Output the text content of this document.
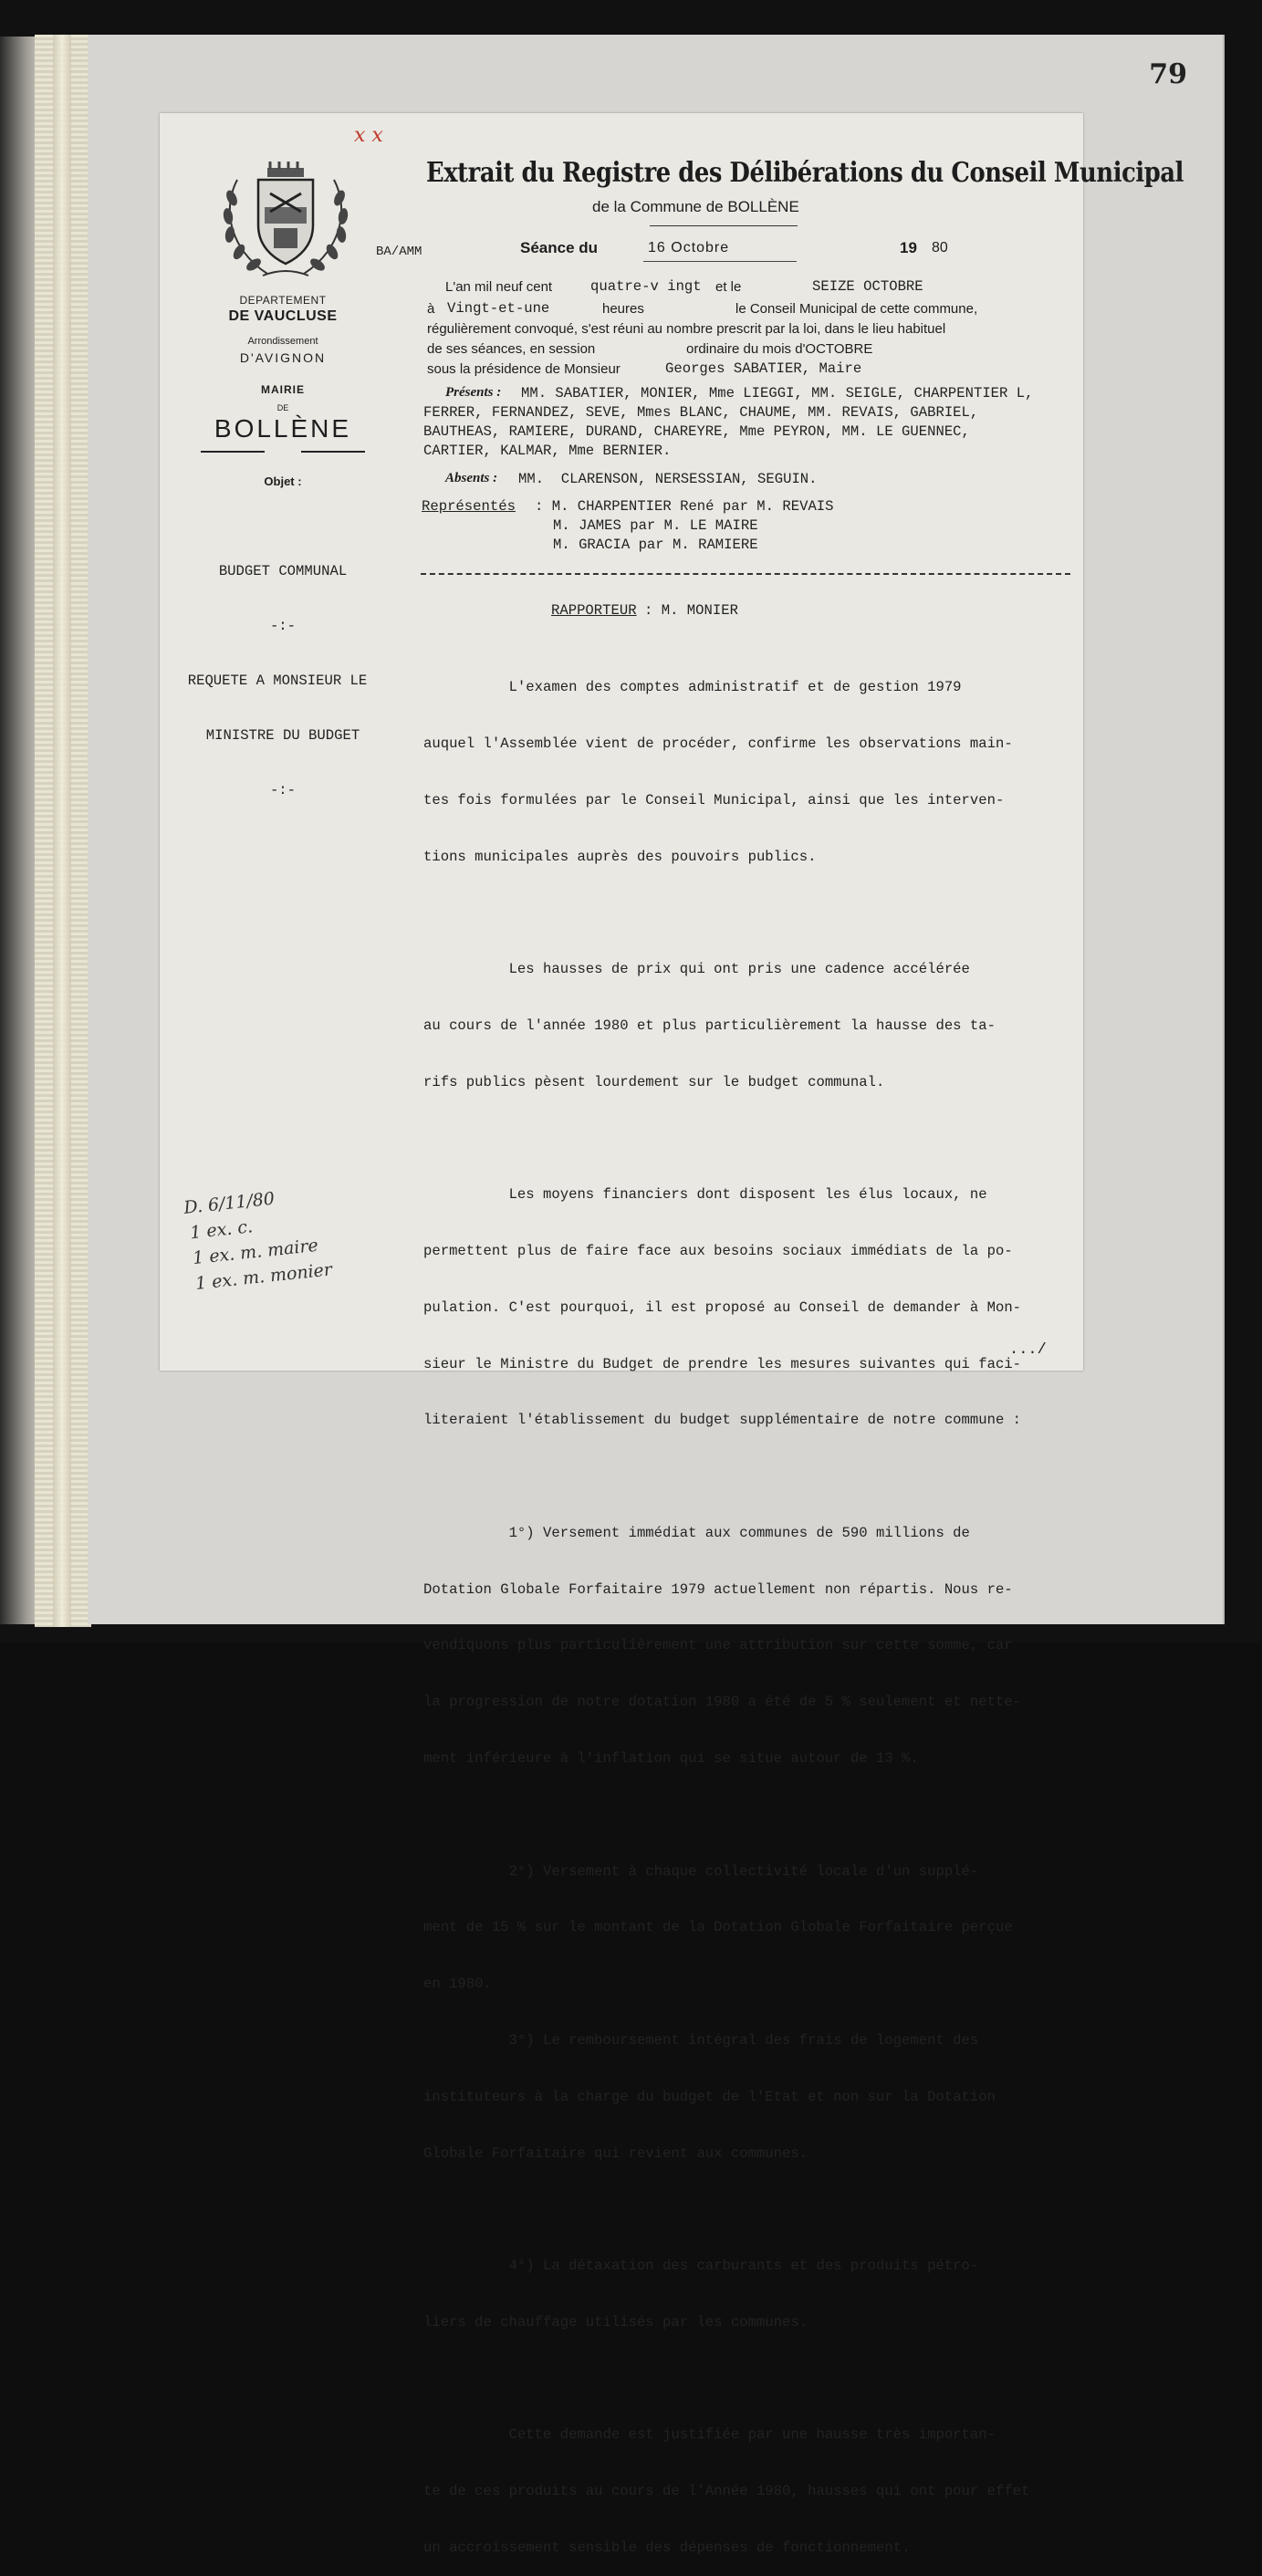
79
x x
DEPARTEMENT
DE VAUCLUSE
Arrondissement
D'AVIGNON
MAIRIE
DE
BOLLÈNE
Objet :

BUDGET COMMUNAL

-:-

REQUETE A MONSIEUR LE

MINISTRE DU BUDGET

-:-

Extrait du Registre des Délibérations du Conseil Municipal
de la Commune de BOLLÈNE
BA/AMM	Séance du	16 Octobre	19 80
L'an mil neuf cent	quatre-v ingt et le	SEIZE OCTOBRE
à Vingt-et-une	heures	le Conseil Municipal de cette commune,
régulièrement convoqué, s'est réuni au nombre prescrit par la loi, dans le lieu habituel
de ses séances, en session	ordinaire du mois d'OCTOBRE
sous la présidence de Monsieur	Georges SABATIER, Maire
Présents : MM. SABATIER, MONIER, Mme LIEGGI, MM. SEIGLE, CHARPENTIER L,
FERRER, FERNANDEZ, SEVE, Mmes BLANC, CHAUME, MM. REVAIS, GABRIEL,
BAUTHEAS, RAMIERE, DURAND, CHAREYRE, Mme PEYRON, MM. LE GUENNEC,
CARTIER, KALMAR, Mme BERNIER.
Absents : MM.  CLARENSON, NERSESSIAN, SEGUIN.
Représentés : M. CHARPENTIER René par M. REVAIS
M. JAMES par M. LE MAIRE
M. GRACIA par M. RAMIERE
RAPPORTEUR : M. MONIER

L'examen des comptes administratif et de gestion 1979

auquel l'Assemblée vient de procéder, confirme les observations main-

tes fois formulées par le Conseil Municipal, ainsi que les interven-

tions municipales auprès des pouvoirs publics.

Les hausses de prix qui ont pris une cadence accélérée

au cours de l'année 1980 et plus particulièrement la hausse des ta-

rifs publics pèsent lourdement sur le budget communal.

Les moyens financiers dont disposent les élus locaux, ne

permettent plus de faire face aux besoins sociaux immédiats de la po-

pulation. C'est pourquoi, il est proposé au Conseil de demander à Mon-

sieur le Ministre du Budget de prendre les mesures suivantes qui faci-

literaient l'établissement du budget supplémentaire de notre commune :

1°) Versement immédiat aux communes de 590 millions de

Dotation Globale Forfaitaire 1979 actuellement non répartis. Nous re-

vendiquons plus particulièrement une attribution sur cette somme, car

la progression de notre dotation 1980 a été de 5 % seulement et nette-

ment inférieure à l'inflation qui se situe autour de 13 %.

2°) Versement à chaque collectivité locale d'un supplé-

ment de 15 % sur le montant de la Dotation Globale Forfaitaire perçue

en 1980.

3°) Le remboursement intégral des frais de logement des

instituteurs à la charge du budget de l'Etat et non sur la Dotation

Globale Forfaitaire qui revient aux communes.

4°) La détaxation des carburants et des produits pétro-

liers de chauffage utilisés par les communes.

Cette demande est justifiée par une hausse très importan-

te de ces produits au cours de l'Année 1980, hausses qui ont pour effet

un accroissement sensible des dépenses de fonctionnement.

.../
D. 6/11/80
1 ex. c.
1 ex. m. maire
1 ex. m. monier
